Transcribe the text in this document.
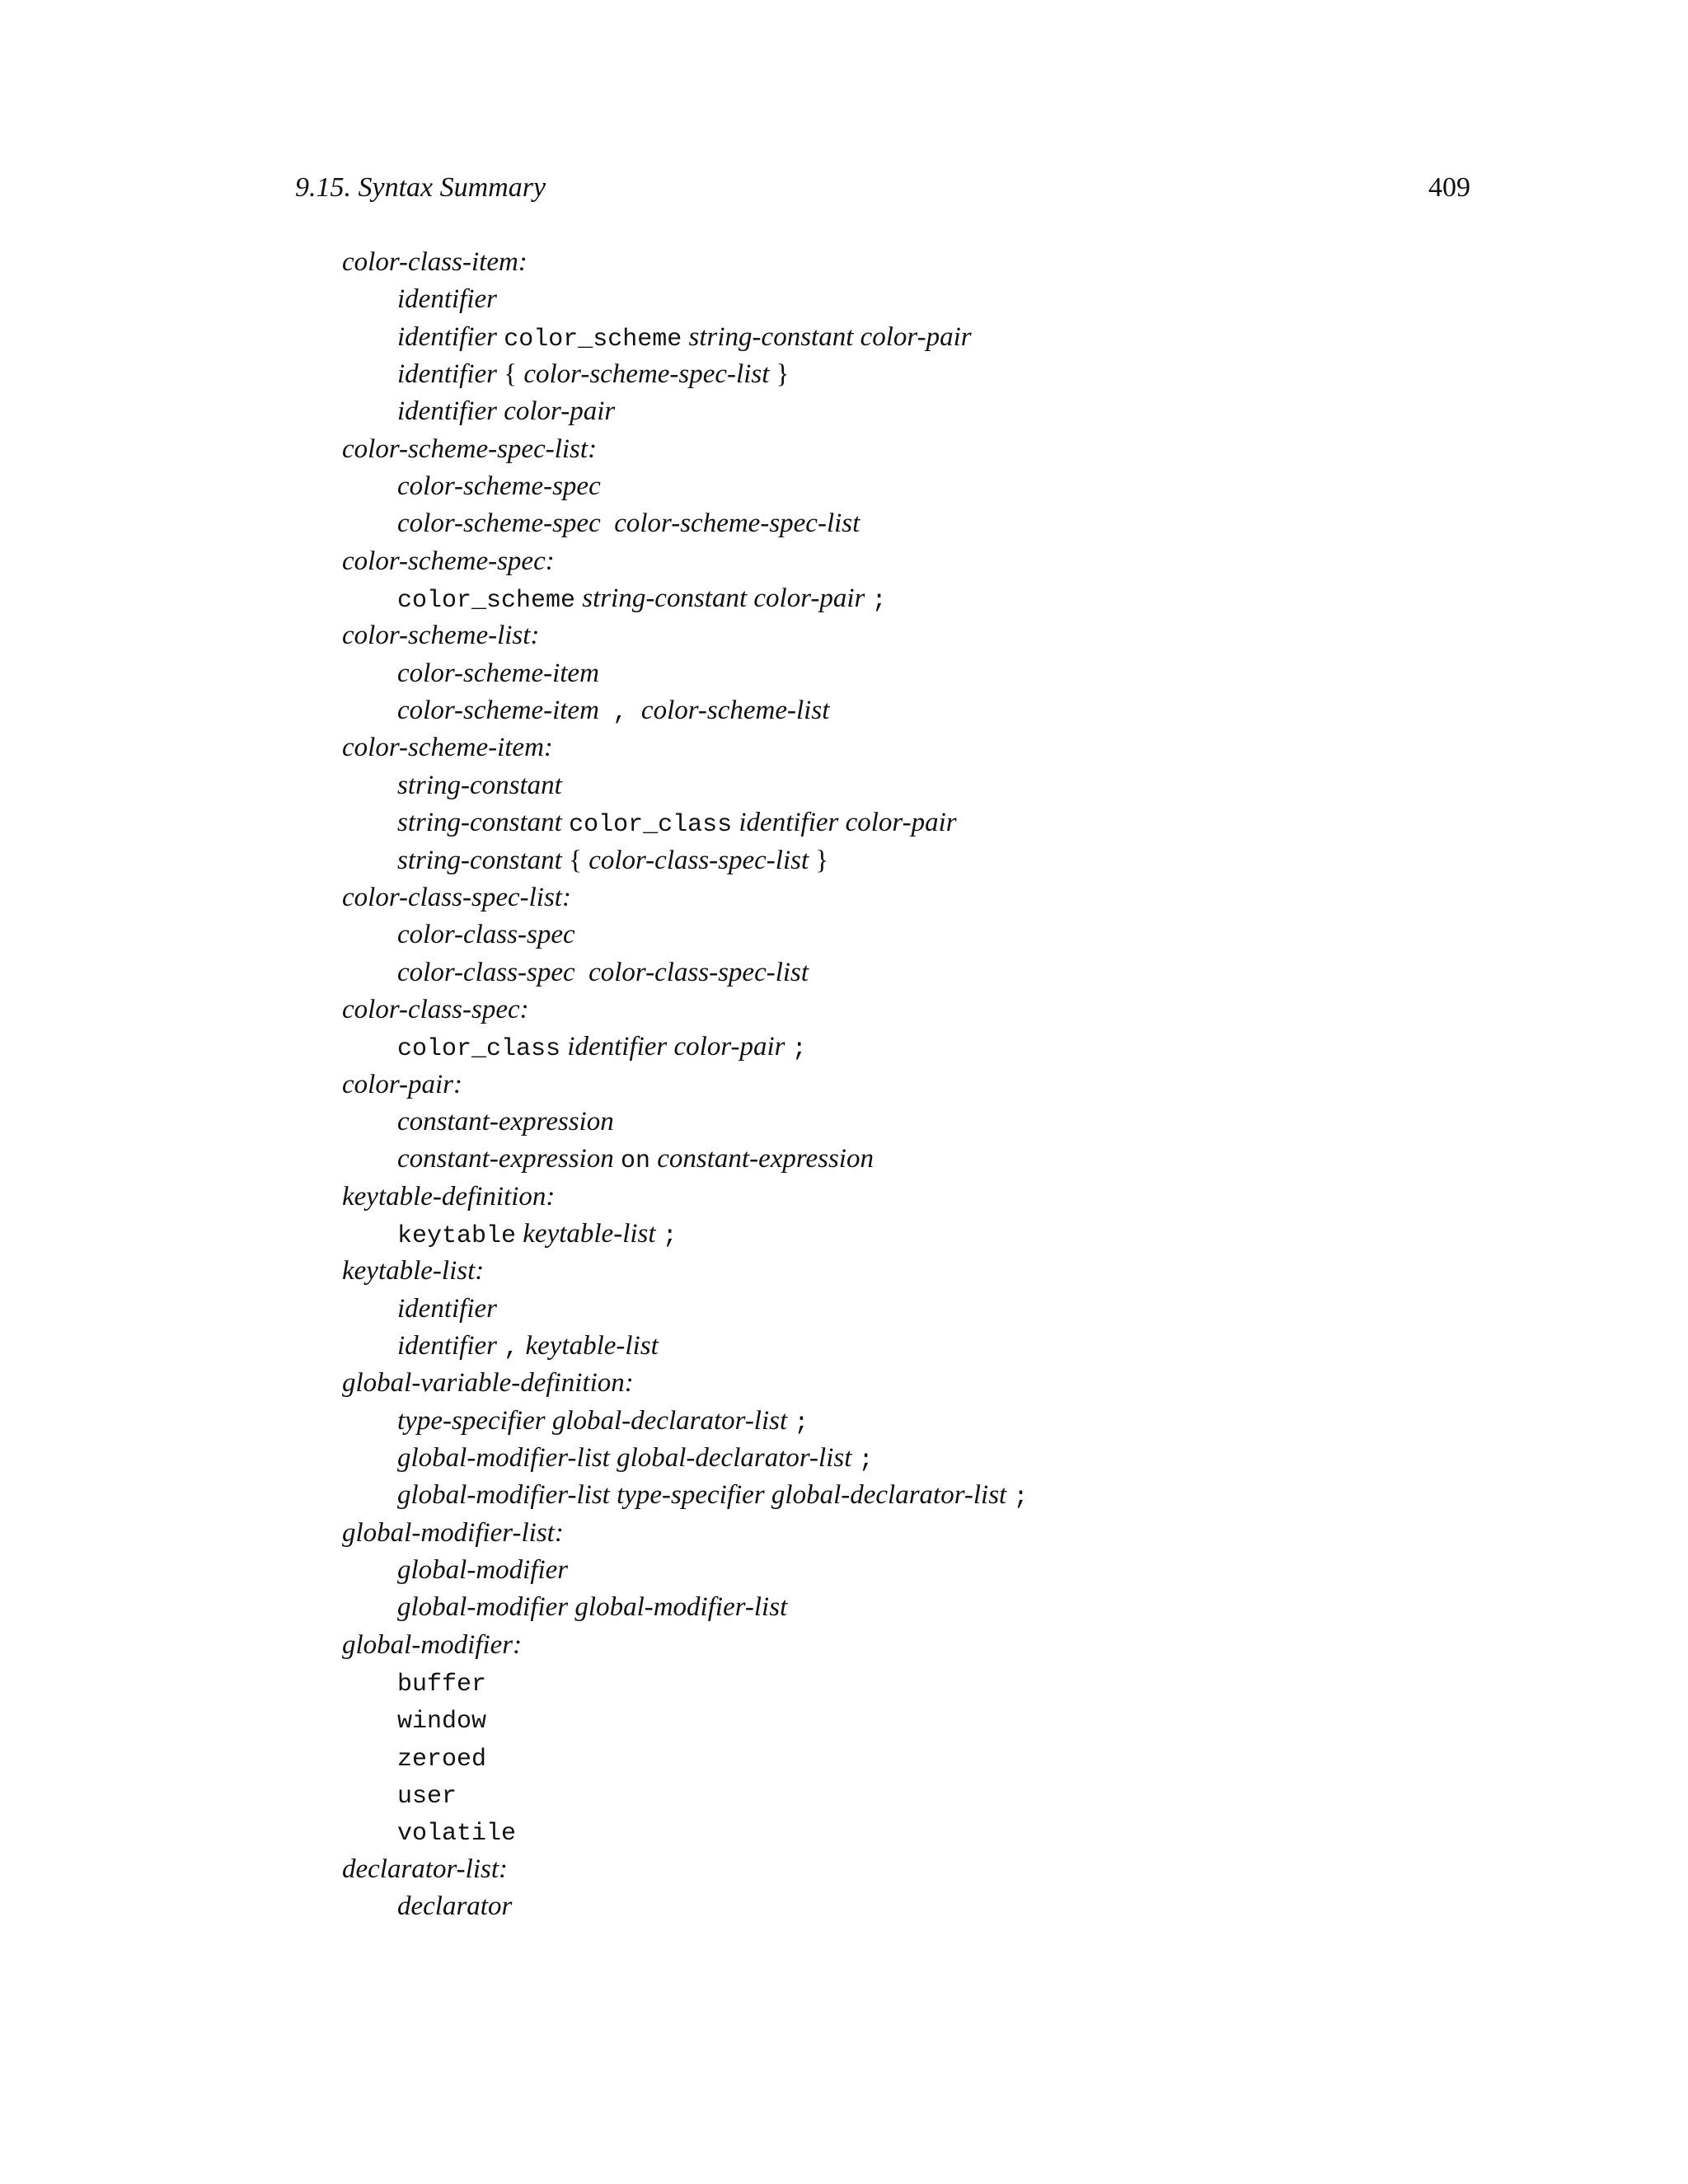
9.15. Syntax Summary	409
color-class-item:
identifier
identifier color_scheme string-constant color-pair
identifier { color-scheme-spec-list }
identifier color-pair
color-scheme-spec-list:
color-scheme-spec
color-scheme-spec  color-scheme-spec-list
color-scheme-spec:
color_scheme string-constant color-pair ;
color-scheme-list:
color-scheme-item
color-scheme-item  ,  color-scheme-list
color-scheme-item:
string-constant
string-constant color_class identifier color-pair
string-constant { color-class-spec-list }
color-class-spec-list:
color-class-spec
color-class-spec  color-class-spec-list
color-class-spec:
color_class identifier color-pair ;
color-pair:
constant-expression
constant-expression on constant-expression
keytable-definition:
keytable keytable-list ;
keytable-list:
identifier
identifier , keytable-list
global-variable-definition:
type-specifier global-declarator-list ;
global-modifier-list global-declarator-list ;
global-modifier-list type-specifier global-declarator-list ;
global-modifier-list:
global-modifier
global-modifier global-modifier-list
global-modifier:
buffer
window
zeroed
user
volatile
declarator-list:
declarator
